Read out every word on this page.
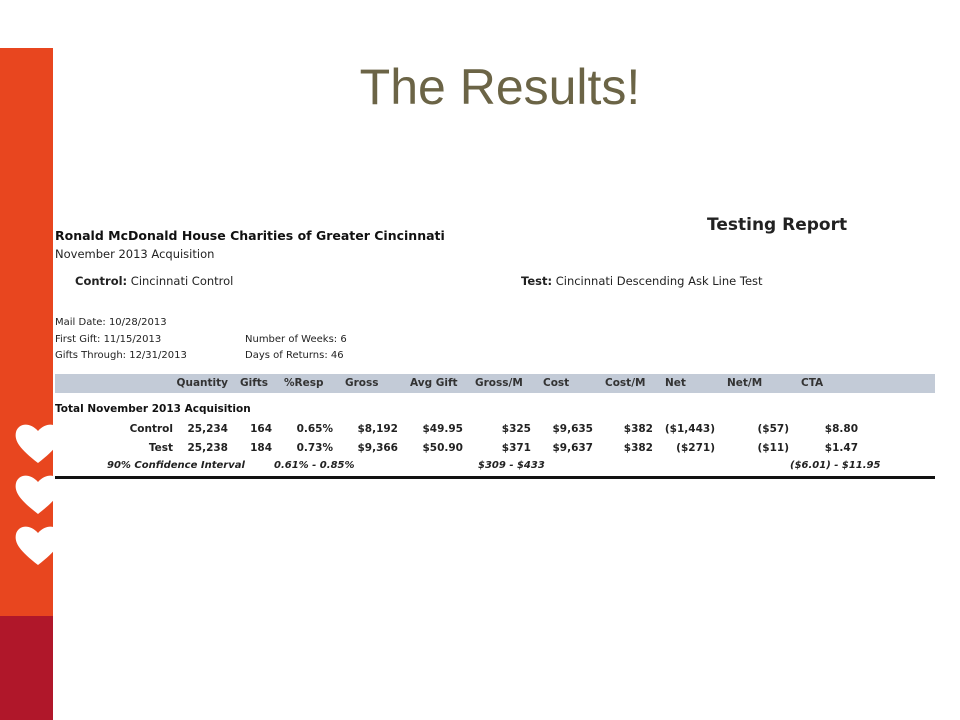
The Results!
Testing Report
Ronald McDonald House Charities of Greater Cincinnati
November 2013 Acquisition
Control: Cincinnati Control	Test: Cincinnati Descending Ask Line Test
Mail Date: 10/28/2013
First Gift: 11/15/2013
Gifts Through: 12/31/2013
Number of Weeks: 6
Days of Returns: 46
Quantity Gifts %Resp Gross	Avg Gift Gross/M Cost	Cost/M Net	Net/M	CTA
Total November 2013 Acquisition
Control 25,234 164 0.65% $8,192 $49.95	$325 $9,635	$382 ($1,443)	($57)	$8.80
Test 25,238 184 0.73% $9,366 $50.90	$371 $9,637	$382 ($271)	($11)	$1.47
90% Confidence Interval	0.61% - 0.85%	$309 - $433	($6.01) - $11.95
